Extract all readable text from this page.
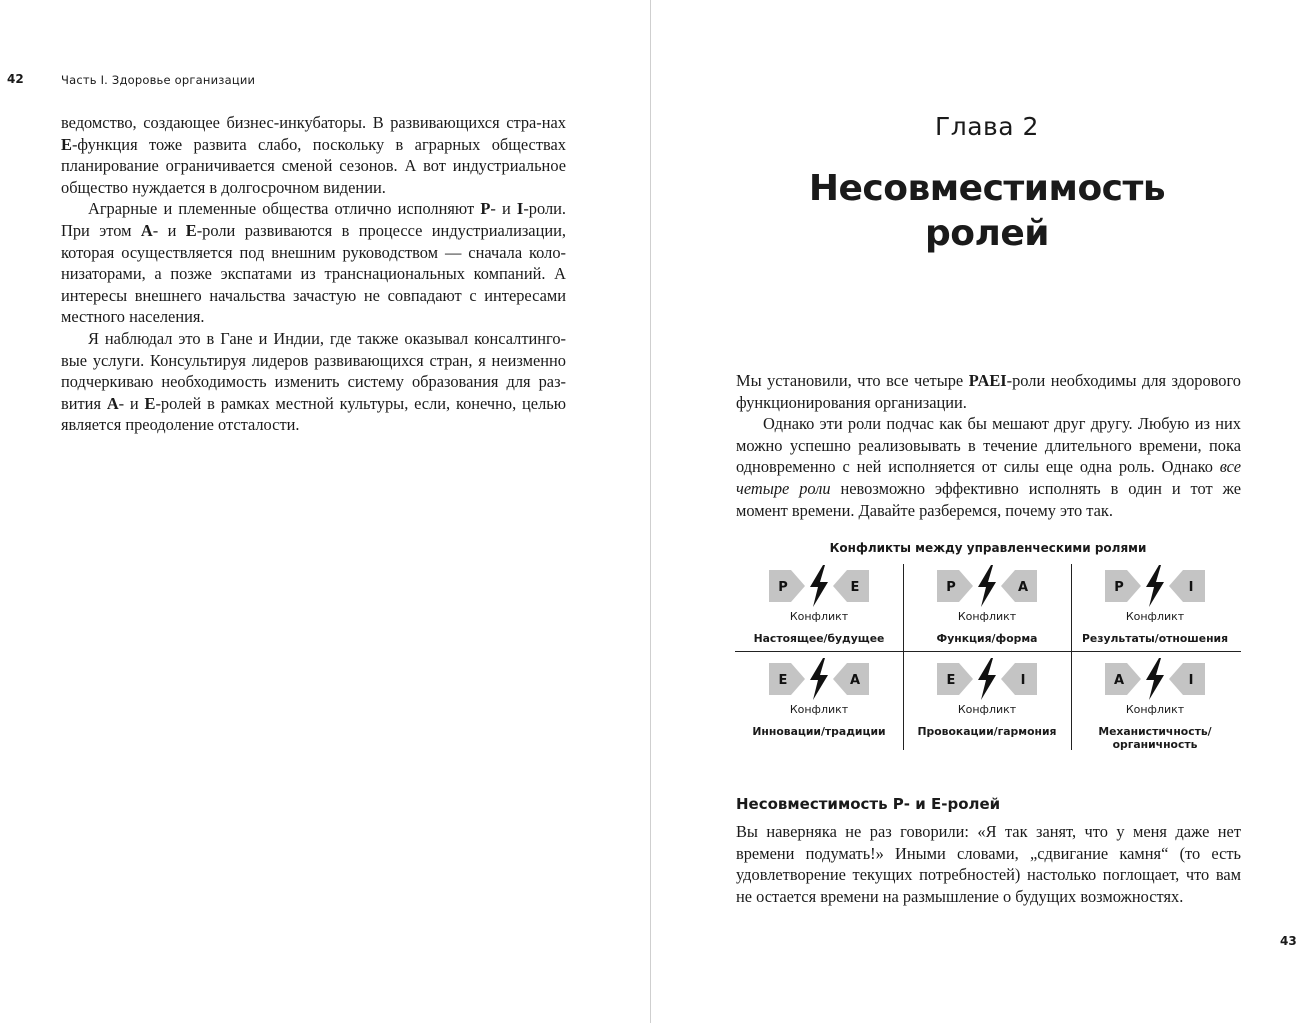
42	Часть I. Здоровье организации

ведомство, создающее бизнес-инкубаторы. В развивающихся стра-нах Е-функция тоже развита слабо, поскольку в аграрных обществах планирование ограничивается сменой сезонов. А вот индустриальное общество нуждается в долгосрочном видении.

Аграрные и племенные общества отлично исполняют Р- и I-роли. При этом А- и Е-роли развиваются в процессе индустриализации, которая осуществляется под внешним руководством — сначала коло-низаторами, а позже экспатами из транснациональных компаний. А интересы внешнего начальства зачастую не совпадают с интересами местного населения.

Я наблюдал это в Гане и Индии, где также оказывал консалтинго-вые услуги. Консультируя лидеров развивающихся стран, я неизменно подчеркиваю необходимость изменить систему образования для раз-вития А- и Е-ролей в рамках местной культуры, если, конечно, целью является преодоление отсталости.

Глава 2
Несовместимость
ролей

Мы установили, что все четыре PAEI-роли необходимы для здорового функционирования организации.

Однако эти роли подчас как бы мешают друг другу. Любую из них можно успешно реализовывать в течение длительного времени, пока одновременно с ней исполняется от силы еще одна роль. Однако все четыре роли невозможно эффективно исполнять в один и тот же момент времени. Давайте разберемся, почему это так.

Конфликты между управленческими ролями
P	E
Конфликт
Настоящее/будущее
P	A
Конфликт
Функция/форма
P	I
Конфликт
Результаты/отношения
E	A
Конфликт
Инновации/традиции
E	I
Конфликт
Провокации/гармония
A	I
Конфликт
Механистичность/ органичность
Несовместимость Р- и Е-ролей

Вы наверняка не раз говорили: «Я так занят, что у меня даже нет времени подумать!» Иными словами, „сдвигание камня“ (то есть удовлетворение текущих потребностей) настолько поглощает, что вам не остается времени на размышление о будущих возможностях.

43
